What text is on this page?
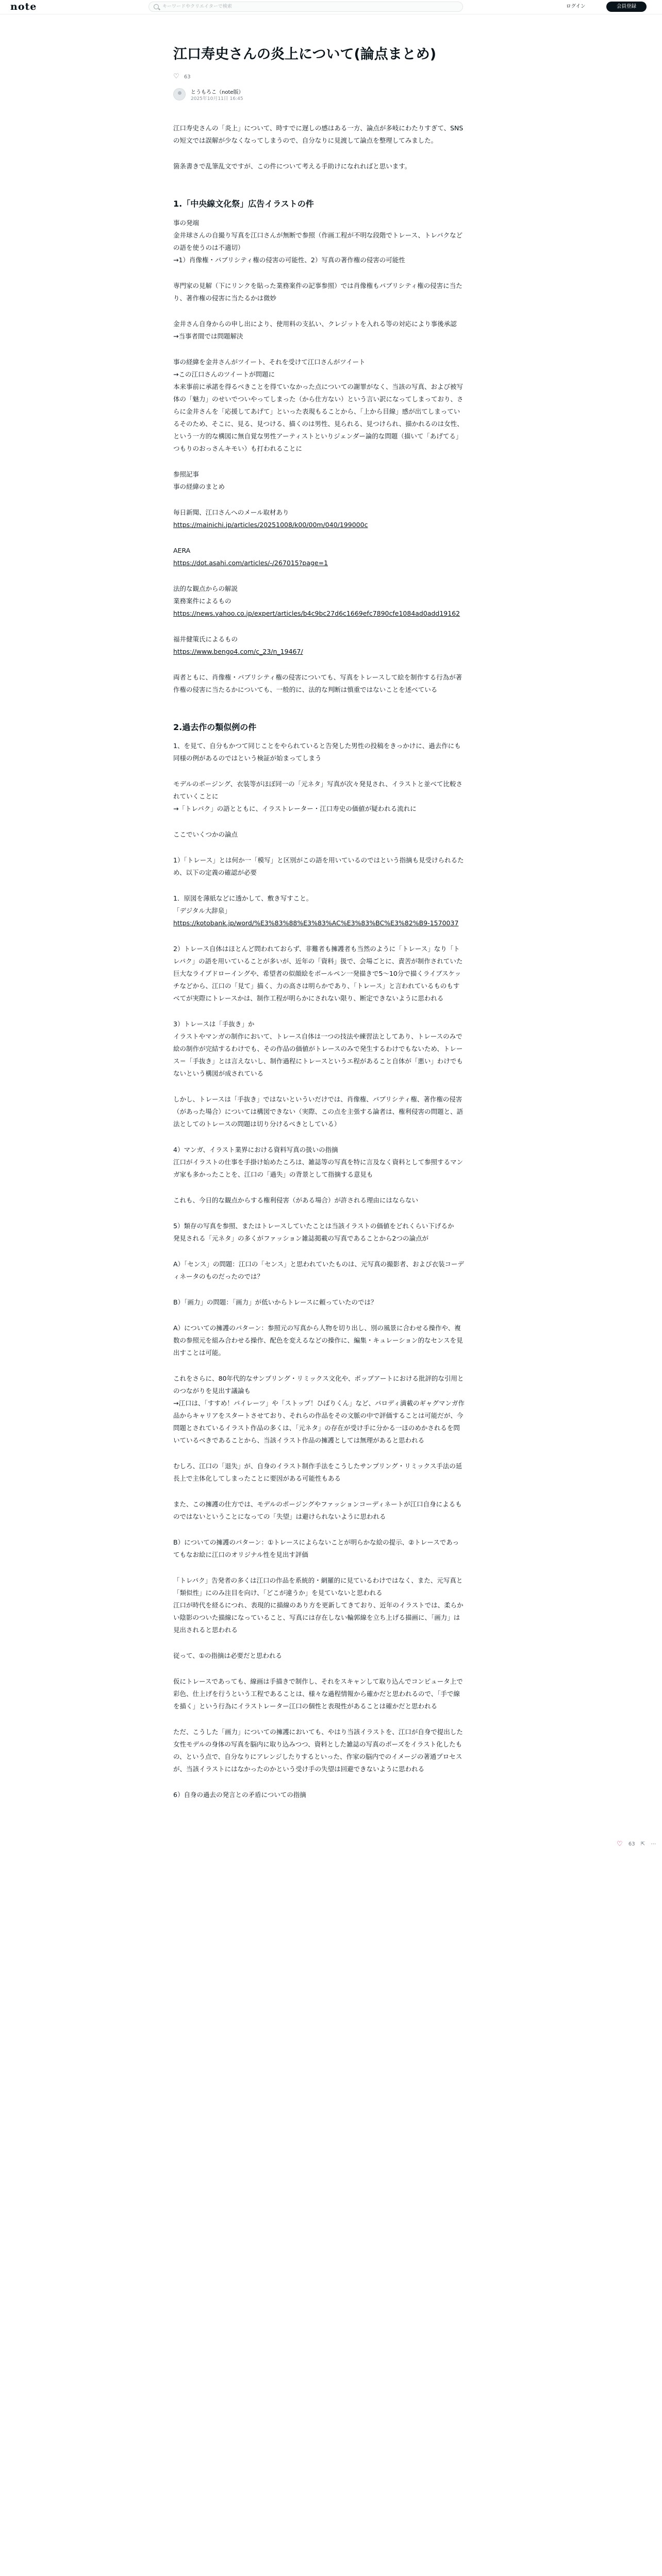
note
キーワードやクリエイターで検索	ログイン	会員登録
江口寿史さんの炎上について(論点まとめ)
♡ 63
とうもろこ（note版）
2025年10月11日 16:45

江口寿史さんの「炎上」について、時すでに遅しの感はある一方、論点が多岐にわたりすぎて、SNSの短文では誤解が少なくなってしまうので、自分なりに見渡して論点を整理してみました。

箇条書きで乱筆乱文ですが、この件について考える手助けになれればと思います。

1.「中央線文化祭」広告イラストの件

事の発端
金井球さんの自撮り写真を江口さんが無断で参照（作画工程が不明な段階でトレース、トレパクなどの語を使うのは不適切）
→1）肖像権・パブリシティ権の侵害の可能性、2）写真の著作権の侵害の可能性

専門家の見解（下にリンクを貼った業務案件の記事参照）では肖像権もパブリシティ権の侵害に当たり、著作権の侵害に当たるかは微妙

金井さん自身からの申し出により、使用料の支払い、クレジットを入れる等の対応により事後承認
→当事者間では問題解決

事の経緯を金井さんがツイート、それを受けて江口さんがツイート
→この江口さんのツイートが問題に
本来事前に承諾を得るべきことを得ていなかった点についての謝罪がなく、当該の写真、および被写体の「魅力」のせいでついやってしまった（から仕方ない）という言い訳になってしまっており、さらに金井さんを「応援してあげて」といった表現もることから、「上から目線」感が出てしまっているそのため、そこに、見る、見つける、描くのは男性、見られる、見つけられ、描かれるのは女性、という一方的な構図に無自覚な男性アーティストといりジェンダー論的な問題（描いて「あげてる」つもりのおっさんキモい）も打われることに

参照記事
事の経緯のまとめ

毎日新聞、江口さんへのメール取材あり
https://mainichi.jp/articles/20251008/k00/00m/040/199000c
AERA
https://dot.asahi.com/articles/-/267015?page=1
法的な観点からの解説
業務案件によるもの
https://news.yahoo.co.jp/expert/articles/b4c9bc27d6c1669efc7890cfe1084ad0add19162
福井健策氏によるもの
https://www.bengo4.com/c_23/n_19467/

両者ともに、肖像権・パブリシティ権の侵害についても、写真をトレースして絵を制作する行為が著作権の侵害に当たるかについても、一般的に、法的な判断は慎重ではないことを述べている

2.過去作の類似例の件

1、を見て、自分もかつて同じことをやられていると告発した男性の投稿をきっかけに、過去作にも同様の例があるのではという検証が始まってしまう

モデルのポージング、衣装等がほぼ同一の「元ネタ」写真が次々発見され、イラストと並べて比較されていくことに
→「トレパク」の語とともに、イラストレーター・江口寿史の価値が疑われる流れに

ここでいくつかの論点

1）「トレース」とは何か一「模写」と区別がこの語を用いているのではという指摘も見受けられるため、以下の定義の確認が必要

1．原図を薄紙などに透かして、敷き写すこと。
「デジタル大辞泉」
https://kotobank.jp/word/%E3%83%88%E3%83%AC%E3%83%BC%E3%82%B9-1570037

2）トレース自体はほとんど問われておらず、非難者も擁護者も当然のように「トレース」なり「トレパク」の語を用いていることが多いが、近年の「資料」扱で、会場ごとに、責苦が制作されていた巨大なライブドローイングや、希望者の似顔絵をボールペン一発描きで5〜10分で描くライブスケッチなどから、江口の「見て」描く、力の高さは明らかであり、「トレース」と言われているものもすべてが実際にトレースかは、制作工程が明らかにされない限り、断定できないように思われる

3）トレースは「手抜き」か
イラストやマンガの制作において、トレース自体は一つの技法や練習法としてあり、トレースのみで絵の制作が完結するわけでも、その作品の価値がトレースのみで発生するわけでもないため、トレース＝「手抜き」とは言えないし、制作過程にトレースというエ程があること自体が「悪い」わけでもないという構図が成されている

しかし、トレースは「手抜き」ではないといういだけでは、肖像権、パブリシティ権、著作権の侵害（があった場合）については構図できない（実際、この点を主張する論者は、権利侵害の問題と、語法としてのトレースの問題は切り分けるべきとしている）

4）マンガ、イラスト業界における資料写真の扱いの指摘
江口がイラストの仕事を手掛け始めたころは、雑誌等の写真を特に言及なく資料として参照するマンガ家も多かったことを、江口の「過失」の背景として指摘する意見も

これも、今日的な観点からする権利侵害（がある場合）が許される理由にはならない

5）類存の写真を参照、またはトレースしていたことは当該イラストの価値をどれくらい下げるか
発見される「元ネタ」の多くがファッション雑誌掲載の写真であることから2つの論点が

A）「センス」の問題：江口の「センス」と思われていたものは、元写真の撮影者、および衣装コーディネータのものだったのでは？

B）「画力」の問題：「画力」が低いからトレースに頼っていたのでは？

A）についての擁護のパターン：参照元の写真から人物を切り出し、別の風景に合わせる操作や、複数の参照元を組み合わせる操作、配色を変えるなどの操作に、編集・キュレーション的なセンスを見出すことは可能。

これをさらに、80年代的なサンプリング・リミックス文化や、ポップアートにおける批評的な引用とのつながりを見出す議論も
→江口は、「すすめ！パイレーツ」や「ストップ！ひばりくん」など、パロディ満載のギャグマンガ作品からキャリアをスタートさせており、それらの作品をその文脈の中で評価することは可能だが、今問題とされているイラスト作品の多くは、「元ネタ」の存在が受け手に分かる一ほのめかされるを問いているべきであることから、当該イラスト作品の擁護としては無理があると思われる

むしろ、江口の「退失」が、自身のイラスト制作手法をこうしたサンプリング・リミックス手法の延長上で主体化してしまったことに要因がある可能性もある

また、この擁護の仕方では、モデルのポージングやファッションコーディネートが江口自身によるものではないということになっての「失望」は避けられないように思われる

B）についての擁護のパターン：①トレースによらないことが明らかな絵の提示、②トレースであってもなお絵に江口のオリジナル性を見出す評価

「トレパク」告発者の多くは江口の作品を系統的・網羅的に見ているわけではなく、また、元写真と「類似性」にのみ注目を向け、「どこが違うか」を見ていないと思われる
江口が時代を経るにつれ、表現的に描線のあり方を更新してきており、近年のイラストでは、柔らかい陰影のついた描線になっていること、写真には存在しない輪郭線を立ち上げる描画に、「画力」は見出されると思われる

従って、①の指摘は必要だと思われる

仮にトレースであっても、線画は手描きで制作し、それをスキャンして取り込んでコンピュータ上で彩色、仕上げを行うという工程であることは、様々な過程情報から確かだと思われるので、「手で線を描く」という行為にイラストレーター江口の個性と表現性があることは確かだと思われる

ただ、こうした「画力」についての擁護においても、やはり当該イラストを、江口が自身で提出した女性モデルの身体の写真を脳内に取り込みつつ、資料とした雑誌の写真のポーズをイラスト化したもの、という点で、自分なりにアレンジしたりするといった、作家の脳内でのイメージの著通プロセスが、当該イラストにはなかったのかという受け手の失望は回避できないように思われる

6）自身の過去の発言との矛盾についての指摘

♡ 63 ⇱ ⋯
